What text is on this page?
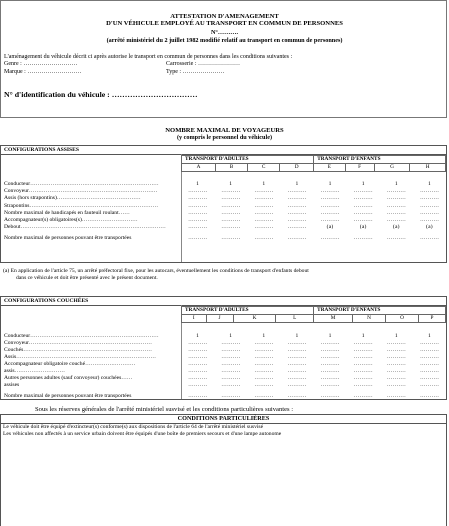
ATTESTATION D'AMENAGEMENT
D'UN VÉHICULE EMPLOYÉ AU TRANSPORT EN COMMUN DE PERSONNES
N°……….
(arrêté ministériel du 2 juillet 1982 modifié relatif au transport en commun de personnes)
L'aménagement du véhicule décrit ci après autorise le transport en commun de personnes dans les conditions suivantes :
Genre : ………………………	Carrosserie : …………………
Marque : ………………………	Type : …………………
N° d'identification du véhicule : ……………………………
NOMBRE MAXIMAL DE VOYAGEURS
(y compris le personnel du véhicule)
CONFIGURATIONS ASSISES
TRANSPORT D'ADULTES				TRANSPORT D'ENFANTS			
A	B	C	D	E	F	G	H
Conducteur……………………………………………………………	1	1	1	1	1	1	1	1
Convoyeur……………………………………………………………	……….	……….	……….	……….	……….	……….	……….	……….
Assis (hors strapontins)………………………………………	……….	……….	……….	……….	……….	……….	……….	……….
Strapontins……………………………………………………………	……….	……….	……….	……….	……….	……….	……….	……….
Nombre maximal de handicapés en fauteuil roulant……	……….	……….	……….	……….	……….	……….	……….	……….
Accompagnateur(s) obligatoires(s)…………………………	……….	……….	……….	……….	……….	……….	……….	……….
Debout……………………………………………………………………	……….	……….	……….	……….	(a)	(a)	(a)	(a)
Nombre maximal de personnes pouvant être transportées	……….	……….	……….	……….	……….	……….	……….	……….
(a) En application de l'article 75, un arrêté préfectoral fixe, pour les autocars, éventuellement les conditions de transport d'enfants debout
dans ce véhicule et doit être présenté avec le présent document.
CONFIGURATIONS COUCHÉES
TRANSPORT D'ADULTES				TRANSPORT D'ENFANTS			
I	J	K	L	M	N	O	P
Conducteur……………………………………………………………	1	1	1	1	1	1	1	1
Convoyeur…………………………………………………………	……….	……….	……….	……….	……….	……….	……….	……….
Couchés……………………………………………………………	……….	……….	……….	……….	……….	……….	……….	……….
Assis…………………………………………………………………	……….	……….	……….	……….	……….	……….	……….	……….
Accompagnateur obligatoire couché………………………	……….	……….	……….	……….	……….	……….	……….	……….
assis………………………	……….	……….	……….	……….	……….	……….	……….	……….
Autres personnes adultes (sauf convoyeur) couchées……	……….	……….	……….	……….	……….	……….	……….	……….
assises	……….	……….	……….	……….	……….	……….	……….	……….
Nombre maximal de personnes pouvant être transportées	……….	……….	……….	……….	……….	……….	……….	……….
Sous les réserves générales de l'arrêté ministériel susvisé et les conditions particulières suivantes :
CONDITIONS PARTICULIÈRES
Le véhicule doit être équipé d'extincteur(s) conforme(s) aux dispositions de l'article 64 de l'arrêté ministériel susvisé
Les véhicules non affectés à un service urbain doivent être équipés d'une boîte de premiers secours et d'une lampe autonome
